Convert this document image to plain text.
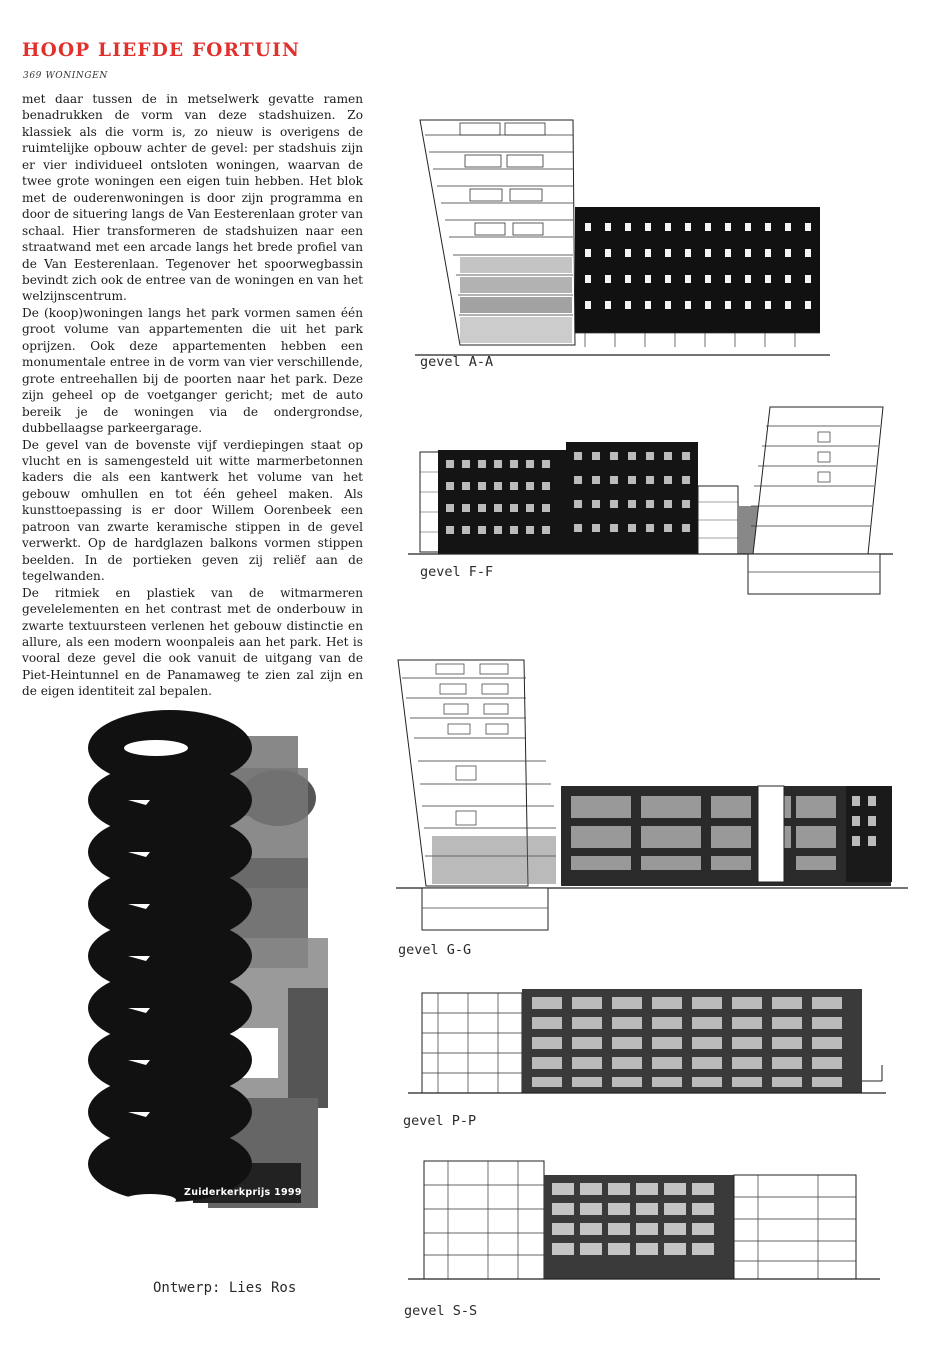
HOOP LIEFDE FORTUIN
369 WONINGEN

met daar tussen de in metselwerk gevatte ramen benadrukken de vorm van deze stadshuizen. Zo klassiek als die vorm is, zo nieuw is overigens de ruimtelijke opbouw achter de gevel: per stadshuis zijn er vier individueel ontsloten woningen, waarvan de twee grote woningen een eigen tuin hebben. Het blok met de ouderenwoningen is door zijn programma en door de situering langs de Van Eesterenlaan groter van schaal. Hier transformeren de stadshuizen naar een straatwand met een arcade langs het brede profiel van de Van Eesterenlaan. Tegenover het spoorwegbassin bevindt zich ook de entree van de woningen en van het welzijnscentrum.

De (koop)woningen langs het park vormen samen één groot volume van appartementen die uit het park oprijzen. Ook deze appartementen hebben een monumentale entree in de vorm van vier verschillende, grote entreehallen bij de poorten naar het park. Deze zijn geheel op de voetganger gericht; met de auto bereik je de woningen via de ondergrondse, dubbellaagse parkeergarage.

De gevel van de bovenste vijf verdiepingen staat op vlucht en is samengesteld uit witte marmerbetonnen kaders die als een kantwerk het volume van het gebouw omhullen en tot één geheel maken. Als kunsttoepassing is er door Willem Oorenbeek een patroon van zwarte keramische stippen in de gevel verwerkt. Op de hardglazen balkons vormen stippen beelden. In de portieken geven zij reliëf aan de tegelwanden.

De ritmiek en plastiek van de witmarmeren gevelelementen en het contrast met de onderbouw in zwarte textuursteen verlenen het gebouw distinctie en allure, als een modern woonpaleis aan het park. Het is vooral deze gevel die ook vanuit de uitgang van de Piet-Heintunnel en de Panamaweg te zien zal zijn en de eigen identiteit zal bepalen.

gevel A-A
gevel F-F
Zuiderkerkprijs 1999
Ontwerp: Lies Ros
gevel G-G
gevel P-P
gevel S-S
